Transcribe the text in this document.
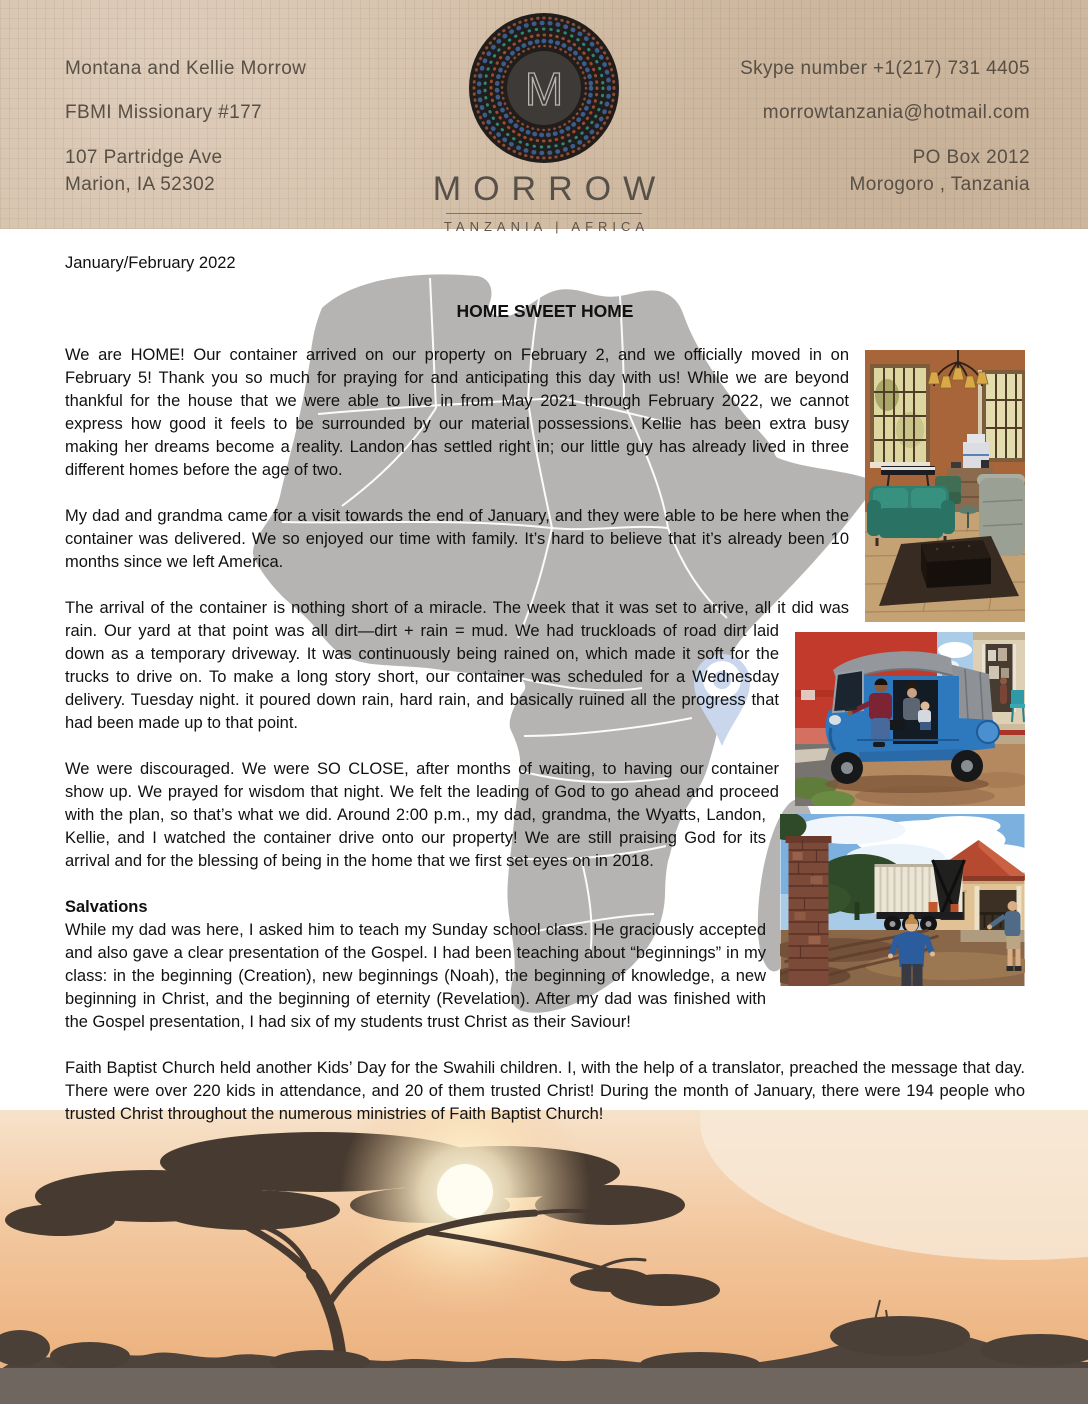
Montana and Kellie Morrow
FBMI Missionary #177
107 Partridge Ave
Marion, IA 52302
Skype number +1(217) 731 4405
morrowtanzania@hotmail.com
PO Box 2012
Morogoro , Tanzania
M
MORROW
TANZANIA | AFRICA

January/February 2022

HOME SWEET HOME

We are HOME! Our container arrived on our property on February 2, and we officially moved in on February 5! Thank you so much for praying for and anticipating this day with us! While we are beyond thankful for the house that we were able to live in from May 2021 through February 2022, we cannot express how good it feels to be surrounded by our material possessions. Kellie has been extra busy making her dreams become a reality. Landon has settled right in; our little guy has already lived in three different homes before the age of two.

My dad and grandma came for a visit towards the end of January, and they were able to be here when the container was delivered. We so enjoyed our time with family. It’s hard to believe that it’s already been 10 months since we left America.

The arrival of the container is nothing short of a miracle. The week that it was set to arrive, all it did was rain. Our yard at that point was all dirt—dirt + rain = mud. We had truckloads of road dirt laid down as a temporary driveway. It was continuously being rained on, which made it soft for the trucks to drive on. To make a long story short, our container was scheduled for a Wednesday delivery. Tuesday night. it poured down rain, hard rain, and basically ruined all the progress that had been made up to that point.

We were discouraged. We were SO CLOSE, after months of waiting, to having our container show up. We prayed for wisdom that night. We felt the leading of God to go ahead and proceed with the plan, so that’s what we did. Around 2:00 p.m., my dad, grandma, the Wyatts, Landon, Kellie, and I watched the container drive onto our property! We are still praising God for its arrival and for the blessing of being in the home that we first set eyes on in 2018.

Salvations

While my dad was here, I asked him to teach my Sunday school class. He graciously accepted and also gave a clear presentation of the Gospel. I had been teaching about “beginnings” in my class: in the beginning (Creation), new beginnings (Noah), the beginning of knowledge, a new beginning in Christ, and the beginning of eternity (Revelation). After my dad was finished with the Gospel presentation, I had six of my students trust Christ as their Saviour!

Faith Baptist Church held another Kids’ Day for the Swahili children. I, with the help of a translator, preached the message that day. There were over 220 kids in attendance, and 20 of them trusted Christ! During the month of January, there were 194 people who trusted Christ throughout the numerous ministries of Faith Baptist Church!
